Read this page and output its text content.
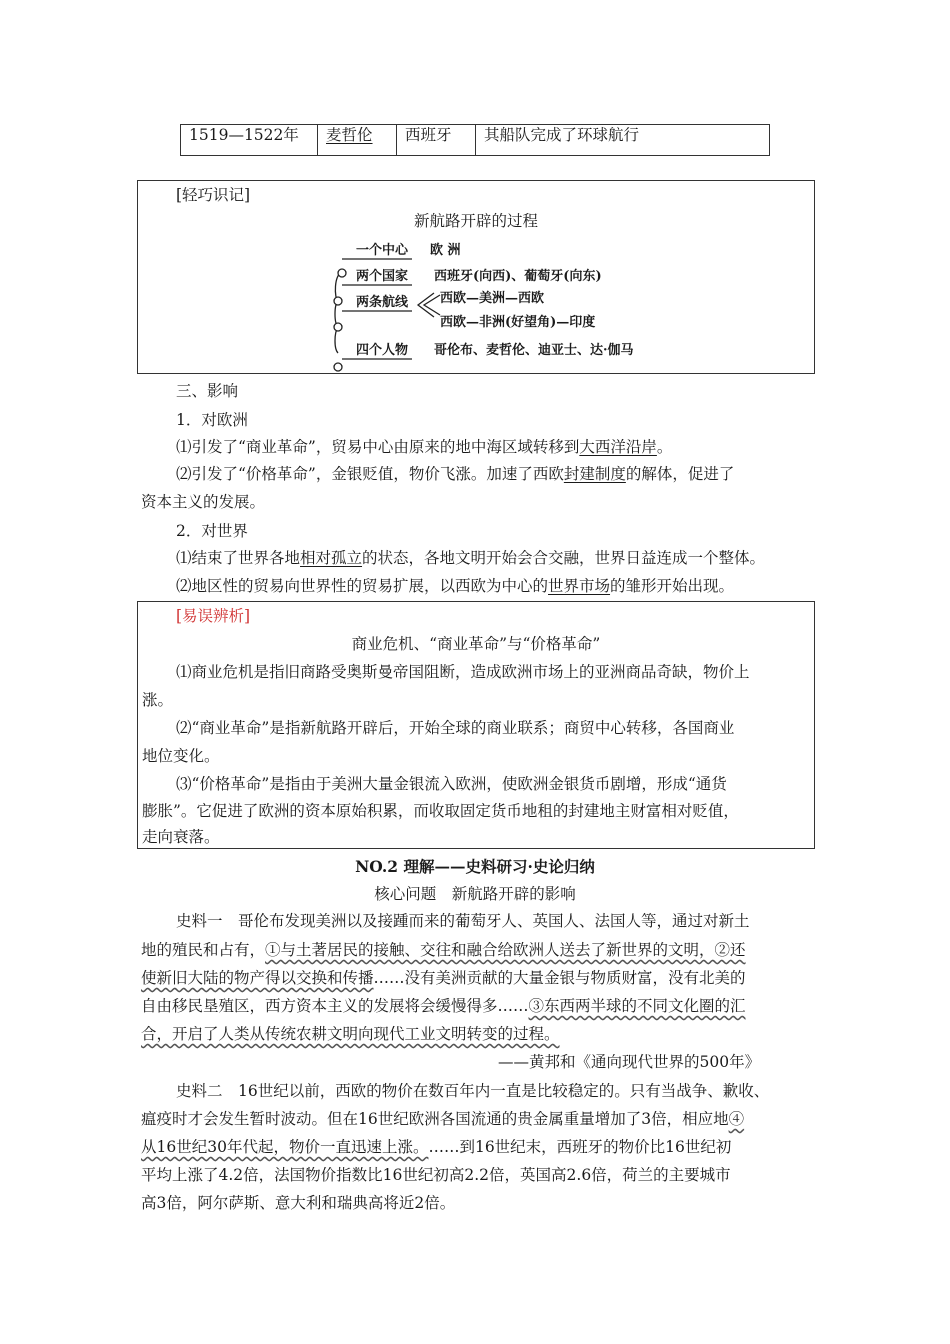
1519—1522年	麦哲伦	西班牙	其船队完成了环球航行
[轻巧识记]
新航路开辟的过程
一个中心 欧 洲
两个国家 西班牙(向西)、葡萄牙(向东)
两条航线 西欧—美洲—西欧
西欧—非洲(好望角)—印度
四个人物 哥伦布、麦哲伦、迪亚士、达·伽马
三、影响
1．对欧洲
⑴引发了“商业革命”，贸易中心由原来的地中海区域转移到大西洋沿岸。
⑵引发了“价格革命”，金银贬值，物价飞涨。加速了西欧封建制度的解体，促进了
资本主义的发展。
2．对世界
⑴结束了世界各地相对孤立的状态，各地文明开始会合交融，世界日益连成一个整体。
⑵地区性的贸易向世界性的贸易扩展，以西欧为中心的世界市场的雏形开始出现。
[易误辨析]
商业危机、“商业革命”与“价格革命”
⑴商业危机是指旧商路受奥斯曼帝国阻断，造成欧洲市场上的亚洲商品奇缺，物价上
涨。
⑵“商业革命”是指新航路开辟后，开始全球的商业联系；商贸中心转移，各国商业
地位变化。
⑶“价格革命”是指由于美洲大量金银流入欧洲，使欧洲金银货币剧增，形成“通货
膨胀”。它促进了欧洲的资本原始积累，而收取固定货币地租的封建地主财富相对贬值，
走向衰落。
NO.2 理解——史料研习·史论归纳
核心问题　新航路开辟的影响
史料一　哥伦布发现美洲以及接踵而来的葡萄牙人、英国人、法国人等，通过对新土
地的殖民和占有，①与土著居民的接触、交往和融合给欧洲人送去了新世界的文明，②还
使新旧大陆的物产得以交换和传播……没有美洲贡献的大量金银与物质财富，没有北美的
自由移民垦殖区，西方资本主义的发展将会缓慢得多……③东西两半球的不同文化圈的汇
合，开启了人类从传统农耕文明向现代工业文明转变的过程。
——黄邦和《通向现代世界的500年》
史料二　16世纪以前，西欧的物价在数百年内一直是比较稳定的。只有当战争、歉收、
瘟疫时才会发生暂时波动。但在16世纪欧洲各国流通的贵金属重量增加了3倍，相应地④
从16世纪30年代起，物价一直迅速上涨。……到16世纪末，西班牙的物价比16世纪初
平均上涨了4.2倍，法国物价指数比16世纪初高2.2倍，英国高2.6倍，荷兰的主要城市
高3倍，阿尔萨斯、意大利和瑞典高将近2倍。
